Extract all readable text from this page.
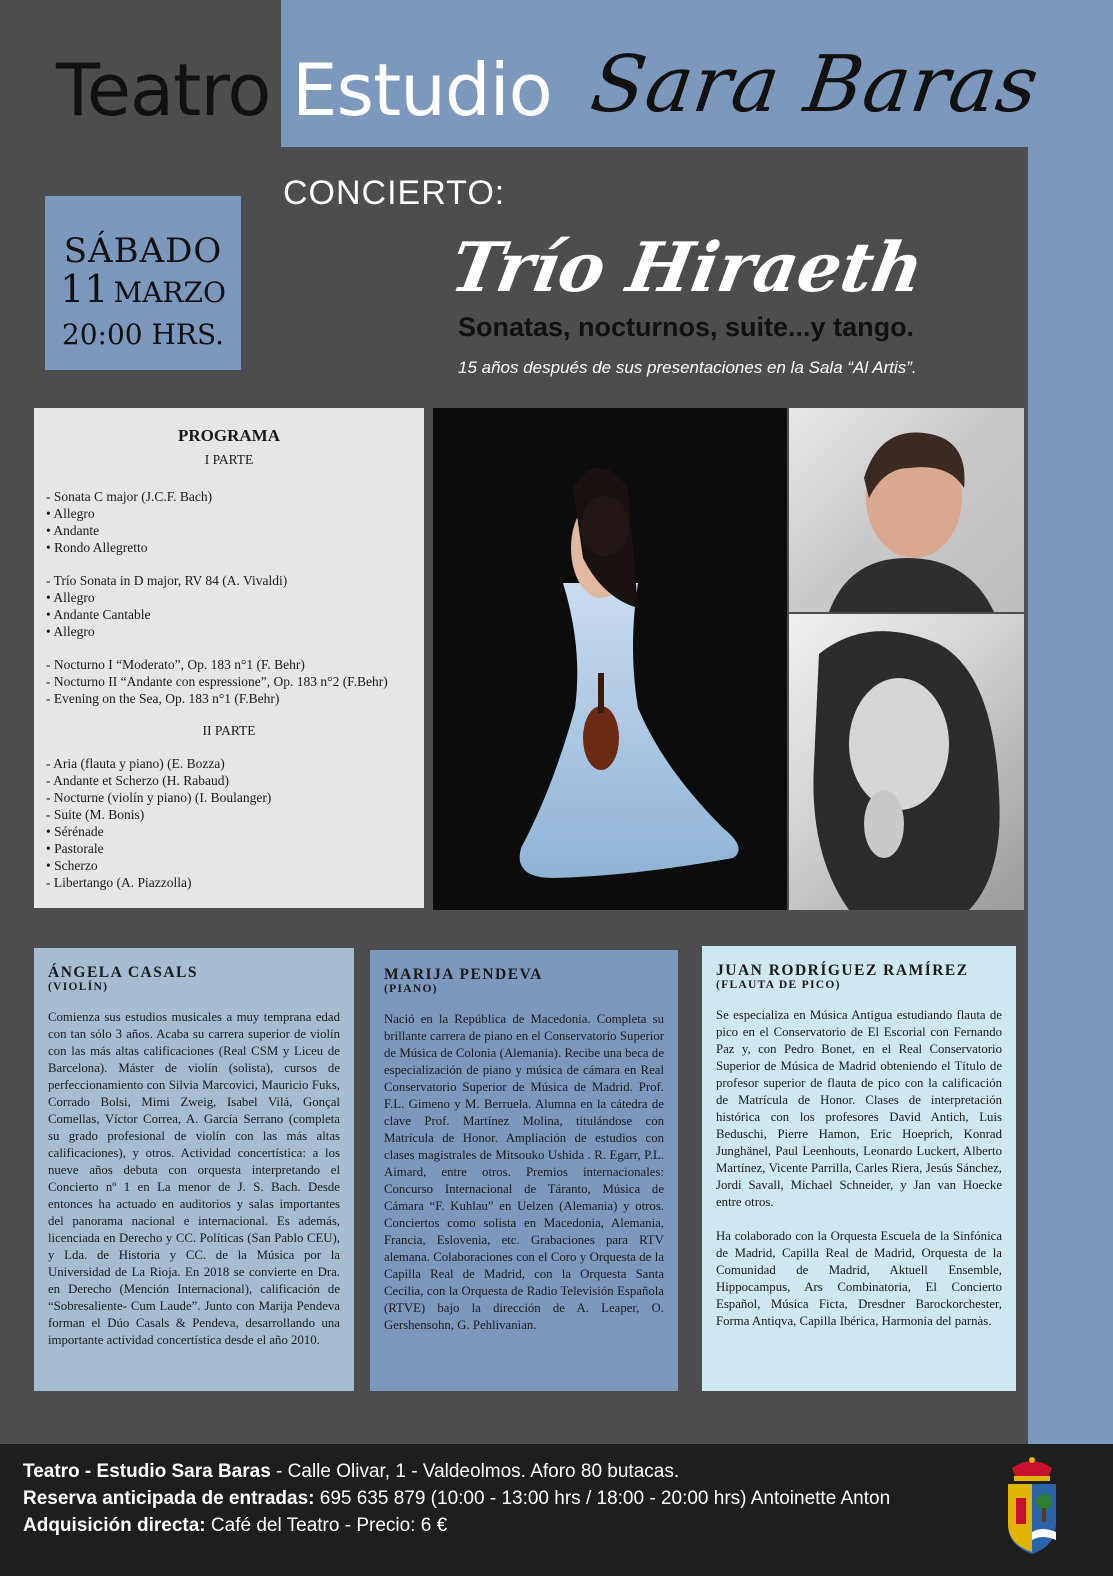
Teatro Estudio Sara Baras
SÁBADO
11 MARZO
20:00 HRS.
CONCIERTO:
Trío Hiraeth
Sonatas, nocturnos, suite...y tango.
15 años después de sus presentaciones en la Sala “Al Artis”.
PROGRAMA
I PARTE
- Sonata C major (J.C.F. Bach)
• Allegro
• Andante
• Rondo Allegretto
- Trío Sonata in D major, RV 84 (A. Vivaldi)
• Allegro
• Andante Cantable
• Allegro
- Nocturno I “Moderato”, Op. 183 n°1 (F. Behr)
- Nocturno II “Andante con espressione”, Op. 183 n°2 (F.Behr)
- Evening on the Sea, Op. 183 n°1 (F.Behr)
II PARTE
- Aria (flauta y piano) (E. Bozza)
- Andante et Scherzo (H. Rabaud)
- Nocturne (violín y piano) (I. Boulanger)
- Suite (M. Bonis)
• Sérénade
• Pastorale
• Scherzo
- Libertango (A. Piazzolla)
ÁNGELA CASALS
(VIOLÍN)

Comienza sus estudios musicales a muy temprana edad con tan sólo 3 años. Acaba su carrera superior de violín con las más altas calificaciones (Real CSM y Liceu de Barcelona). Máster de violín (solista), cursos de perfeccionamiento con Silvia Marcovici, Mauricio Fuks, Corrado Bolsi, Mimi Zweig, Isabel Vilá, Gonçal Comellas, Víctor Correa, A. García Serrano (completa su grado profesional de violín con las más altas calificaciones), y otros. Actividad concertística: a los nueve años debuta con orquesta interpretando el Concierto nº 1 en La menor de J. S. Bach. Desde entonces ha actuado en auditorios y salas importantes del panorama nacional e internacional. Es además, licenciada en Derecho y CC. Políticas (San Pablo CEU), y Lda. de Historia y CC. de la Música por la Universidad de La Rioja. En 2018 se convierte en Dra. en Derecho (Mención Internacional), calificación de “Sobresaliente- Cum Laude”. Junto con Marija Pendeva forman el Dúo Casals & Pendeva, desarrollando una importante actividad concertística desde el año 2010.

MARIJA PENDEVA
(PIANO)

Nació en la República de Macedonia. Completa su brillante carrera de piano en el Conservatorio Superior de Música de Colonia (Alemania). Recibe una beca de especialización de piano y música de cámara en Real Conservatorio Superior de Música de Madrid. Prof. F.L. Gimeno y M. Berruela. Alumna en la cátedra de clave Prof. Martínez Molina, titulándose con Matrícula de Honor. Ampliación de estudios con clases magistrales de Mitsouko Ushida . R. Egarr, P.L. Aimard, entre otros. Premios internacionales: Concurso Internacional de Táranto, Música de Cámara “F. Kuhlau” en Uelzen (Alemania) y otros. Conciertos como solista en Macedonia, Alemania, Francia, Eslovenia, etc. Grabaciones para RTV alemana. Colaboraciones con el Coro y Orquesta de la Capilla Real de Madrid, con la Orquesta Santa Cecilia, con la Orquesta de Radio Televisión Española (RTVE) bajo la dirección de A. Leaper, O. Gershensohn, G. Pehlivanian.

JUAN RODRÍGUEZ RAMÍREZ
(FLAUTA DE PICO)

Se especializa en Música Antigua estudiando flauta de pico en el Conservatorio de El Escorial con Fernando Paz y, con Pedro Bonet, en el Real Conservatorio Superior de Música de Madrid obteniendo el Título de profesor superior de flauta de pico con la calificación de Matrícula de Honor. Clases de interpretación histórica con los profesores David Antich, Luis Beduschi, Pierre Hamon, Eric Hoeprich, Konrad Junghänel, Paul Leenhouts, Leonardo Luckert, Alberto Martínez, Vicente Parrilla, Carles Riera, Jesús Sánchez, Jordi Savall, Michael Schneider, y Jan van Hoecke entre otros.

Ha colaborado con la Orquesta Escuela de la Sinfónica de Madrid, Capilla Real de Madrid, Orquesta de la Comunidad de Madrid, Aktuell Ensemble, Hippocampus, Ars Combinatoria, El Concierto Español, Música Ficta, Dresdner Barockorchester, Forma Antiqva, Capilla Ibérica, Harmonia del parnàs.

Teatro - Estudio Sara Baras - Calle Olivar, 1 - Valdeolmos. Aforo 80 butacas.
Reserva anticipada de entradas: 695 635 879 (10:00 - 13:00 hrs / 18:00 - 20:00 hrs) Antoinette Anton
Adquisición directa: Café del Teatro - Precio: 6 €
